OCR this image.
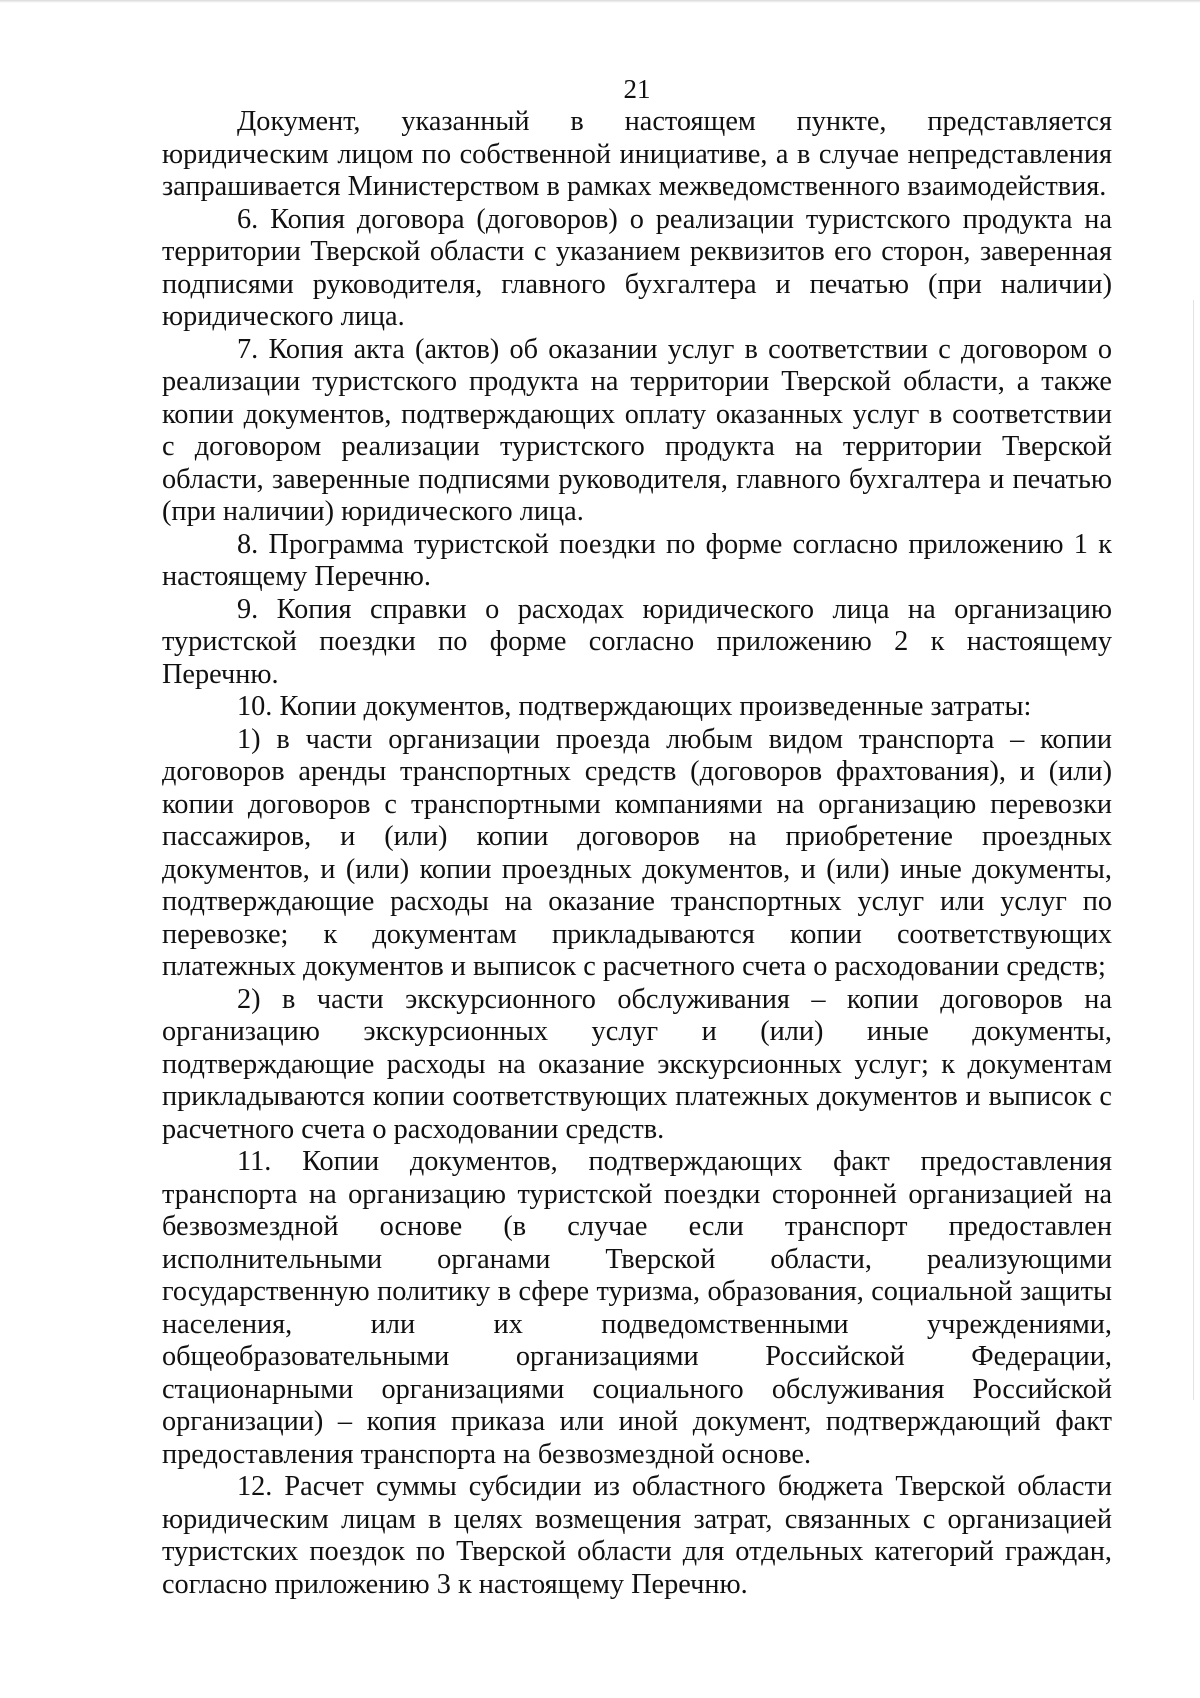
21

Документ, указанный в настоящем пункте, представляется юридическим лицом по собственной инициативе, а в случае непредставления запрашивается Министерством в рамках межведомственного взаимодействия.

6. Копия договора (договоров) о реализации туристского продукта на территории Тверской области с указанием реквизитов его сторон, заверенная подписями руководителя, главного бухгалтера и печатью (при наличии) юридического лица.

7. Копия акта (актов) об оказании услуг в соответствии с договором о реализации туристского продукта на территории Тверской области, а также копии документов, подтверждающих оплату оказанных услуг в соответствии с договором реализации туристского продукта на территории Тверской области, заверенные подписями руководителя, главного бухгалтера и печатью (при наличии) юридического лица.

8. Программа туристской поездки по форме согласно приложению 1 к настоящему Перечню.

9. Копия справки о расходах юридического лица на организацию туристской поездки по форме согласно приложению 2 к настоящему Перечню.

10. Копии документов, подтверждающих произведенные затраты:

1) в части организации проезда любым видом транспорта – копии договоров аренды транспортных средств (договоров фрахтования), и (или) копии договоров с транспортными компаниями на организацию перевозки пассажиров, и (или) копии договоров на приобретение проездных документов, и (или) копии проездных документов, и (или) иные документы, подтверждающие расходы на оказание транспортных услуг или услуг по перевозке; к документам прикладываются копии соответствующих платежных документов и выписок с расчетного счета о расходовании средств;

2) в части экскурсионного обслуживания – копии договоров на организацию экскурсионных услуг и (или) иные документы, подтверждающие расходы на оказание экскурсионных услуг; к документам прикладываются копии соответствующих платежных документов и выписок с расчетного счета о расходовании средств.

11. Копии документов, подтверждающих факт предоставления транспорта на организацию туристской поездки сторонней организацией на безвозмездной основе (в случае если транспорт предоставлен исполнительными органами Тверской области, реализующими государственную политику в сфере туризма, образования, социальной защиты населения, или их подведомственными учреждениями, общеобразовательными организациями Российской Федерации, стационарными организациями социального обслуживания Российской организации) – копия приказа или иной документ, подтверждающий факт предоставления транспорта на безвозмездной основе.

12. Расчет суммы субсидии из областного бюджета Тверской области юридическим лицам в целях возмещения затрат, связанных с организацией туристских поездок по Тверской области для отдельных категорий граждан, согласно приложению 3 к настоящему Перечню.
